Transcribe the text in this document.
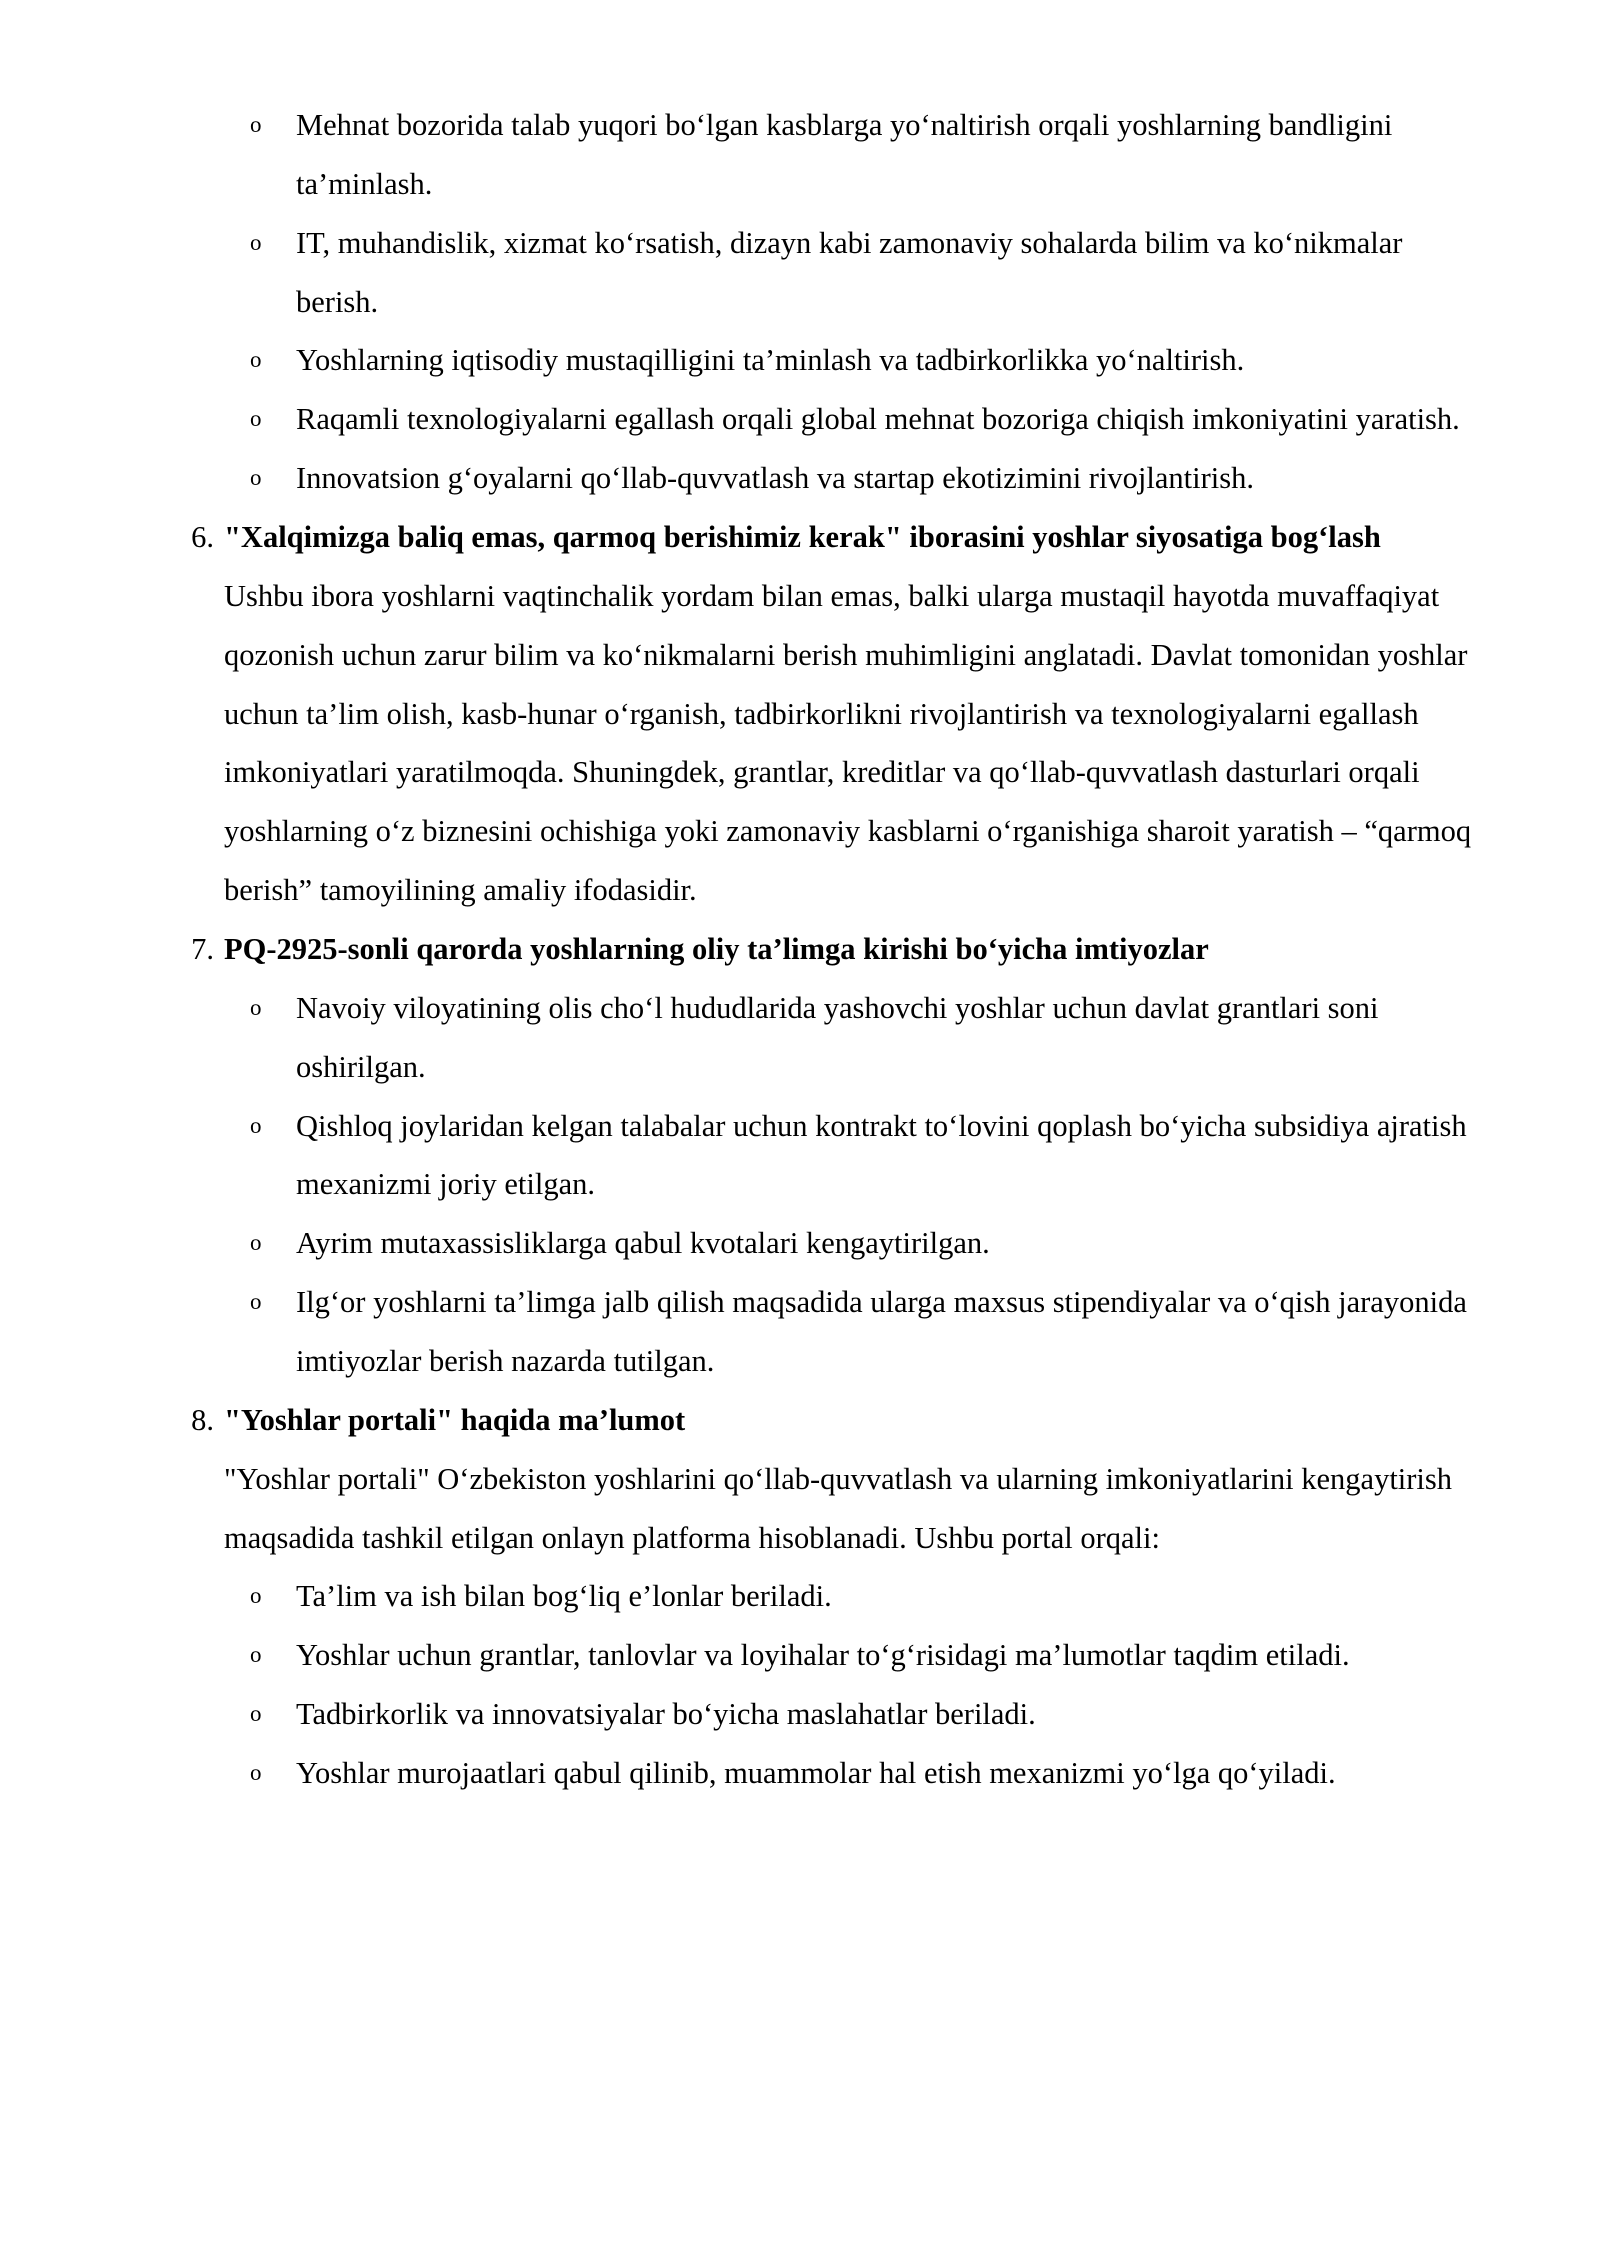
o Mehnat bozorida talab yuqori bo‘lgan kasblarga yo‘naltirish orqali yoshlarning bandligini ta’minlash.
o IT, muhandislik, xizmat ko‘rsatish, dizayn kabi zamonaviy sohalarda bilim va ko‘nikmalar berish.
o Yoshlarning iqtisodiy mustaqilligini ta’minlash va tadbirkorlikka yo‘naltirish.
o Raqamli texnologiyalarni egallash orqali global mehnat bozoriga chiqish imkoniyatini yaratish.
o Innovatsion g‘oyalarni qo‘llab-quvvatlash va startap ekotizimini rivojlantirish.
6. "Xalqimizga baliq emas, qarmoq berishimiz kerak" iborasini yoshlar siyosatiga bog‘lash

Ushbu ibora yoshlarni vaqtinchalik yordam bilan emas, balki ularga mustaqil hayotda muvaffaqiyat qozonish uchun zarur bilim va ko‘nikmalarni berish muhimligini anglatadi. Davlat tomonidan yoshlar uchun ta’lim olish, kasb-hunar o‘rganish, tadbirkorlikni rivojlantirish va texnologiyalarni egallash imkoniyatlari yaratilmoqda. Shuningdek, grantlar, kreditlar va qo‘llab-quvvatlash dasturlari orqali yoshlarning o‘z biznesini ochishiga yoki zamonaviy kasblarni o‘rganishiga sharoit yaratish – “qarmoq berish” tamoyilining amaliy ifodasidir.

7. PQ-2925-sonli qarorda yoshlarning oliy ta’limga kirishi bo‘yicha imtiyozlar
o Navoiy viloyatining olis cho‘l hududlarida yashovchi yoshlar uchun davlat grantlari soni oshirilgan.
o Qishloq joylaridan kelgan talabalar uchun kontrakt to‘lovini qoplash bo‘yicha subsidiya ajratish mexanizmi joriy etilgan.
o Ayrim mutaxassisliklarga qabul kvotalari kengaytirilgan.
o Ilg‘or yoshlarni ta’limga jalb qilish maqsadida ularga maxsus stipendiyalar va o‘qish jarayonida imtiyozlar berish nazarda tutilgan.
8. "Yoshlar portali" haqida ma’lumot

"Yoshlar portali" O‘zbekiston yoshlarini qo‘llab-quvvatlash va ularning imkoniyatlarini kengaytirish maqsadida tashkil etilgan onlayn platforma hisoblanadi. Ushbu portal orqali:

o Ta’lim va ish bilan bog‘liq e’lonlar beriladi.
o Yoshlar uchun grantlar, tanlovlar va loyihalar to‘g‘risidagi ma’lumotlar taqdim etiladi.
o Tadbirkorlik va innovatsiyalar bo‘yicha maslahatlar beriladi.
o Yoshlar murojaatlari qabul qilinib, muammolar hal etish mexanizmi yo‘lga qo‘yiladi.
